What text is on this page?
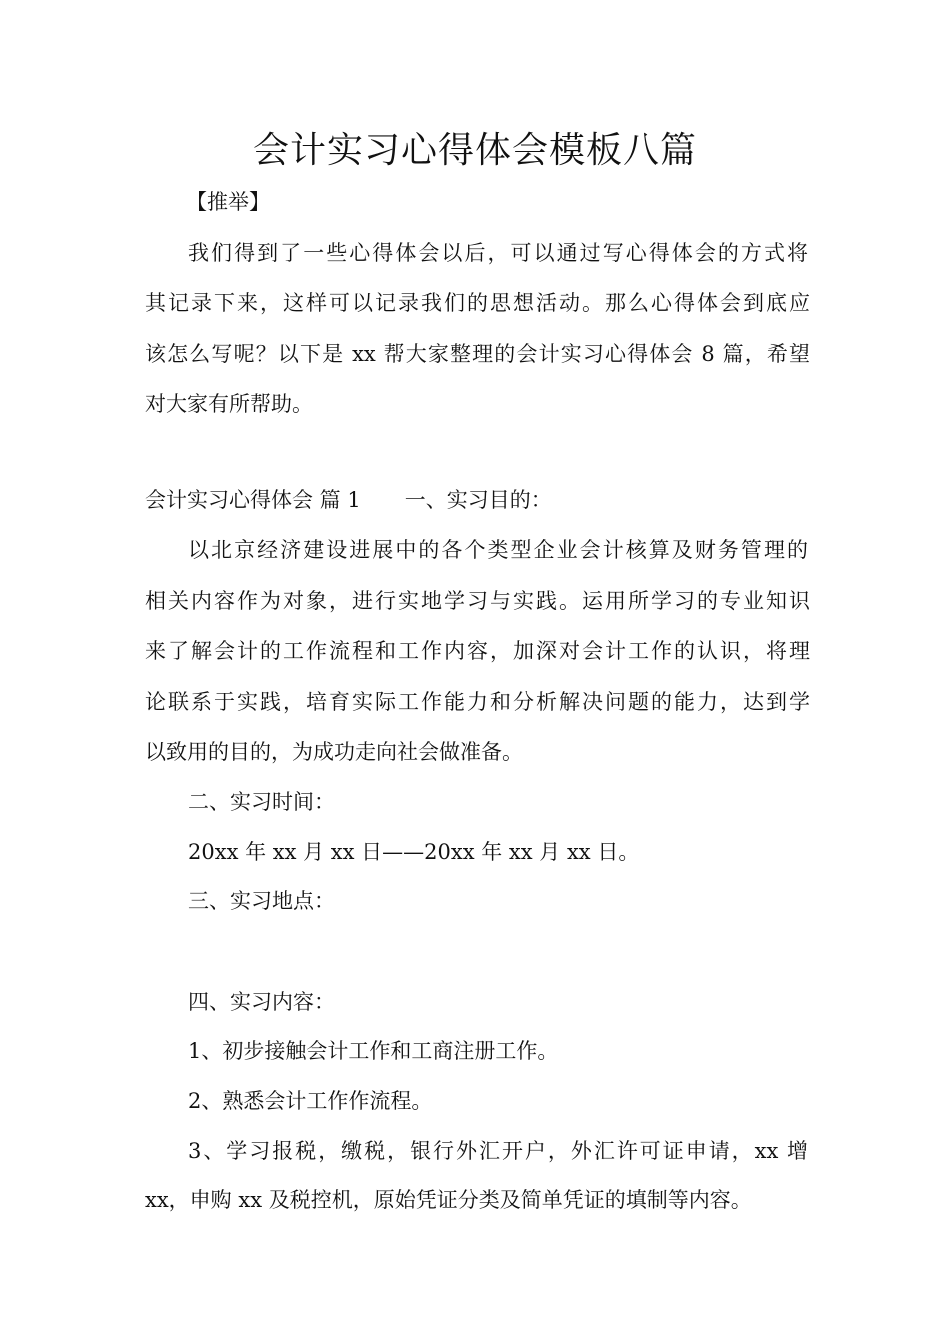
会计实习心得体会模板八篇

【推举】

我们得到了一些心得体会以后，可以通过写心得体会的方式将

其记录下来，这样可以记录我们的思想活动。那么心得体会到底应

该怎么写呢？以下是 xx 帮大家整理的会计实习心得体会 8 篇，希望

对大家有所帮助。

会计实习心得体会 篇 1 一、实习目的：

以北京经济建设进展中的各个类型企业会计核算及财务管理的

相关内容作为对象，进行实地学习与实践。运用所学习的专业知识

来了解会计的工作流程和工作内容，加深对会计工作的认识，将理

论联系于实践，培育实际工作能力和分析解决问题的能力，达到学

以致用的目的，为成功走向社会做准备。

二、实习时间：

20xx 年 xx 月 xx 日——20xx 年 xx 月 xx 日。

三、实习地点：

四、实习内容：

1、初步接触会计工作和工商注册工作。

2、熟悉会计工作作流程。

3、学习报税，缴税，银行外汇开户，外汇许可证申请，xx 增

xx，申购 xx 及税控机，原始凭证分类及简单凭证的填制等内容。
